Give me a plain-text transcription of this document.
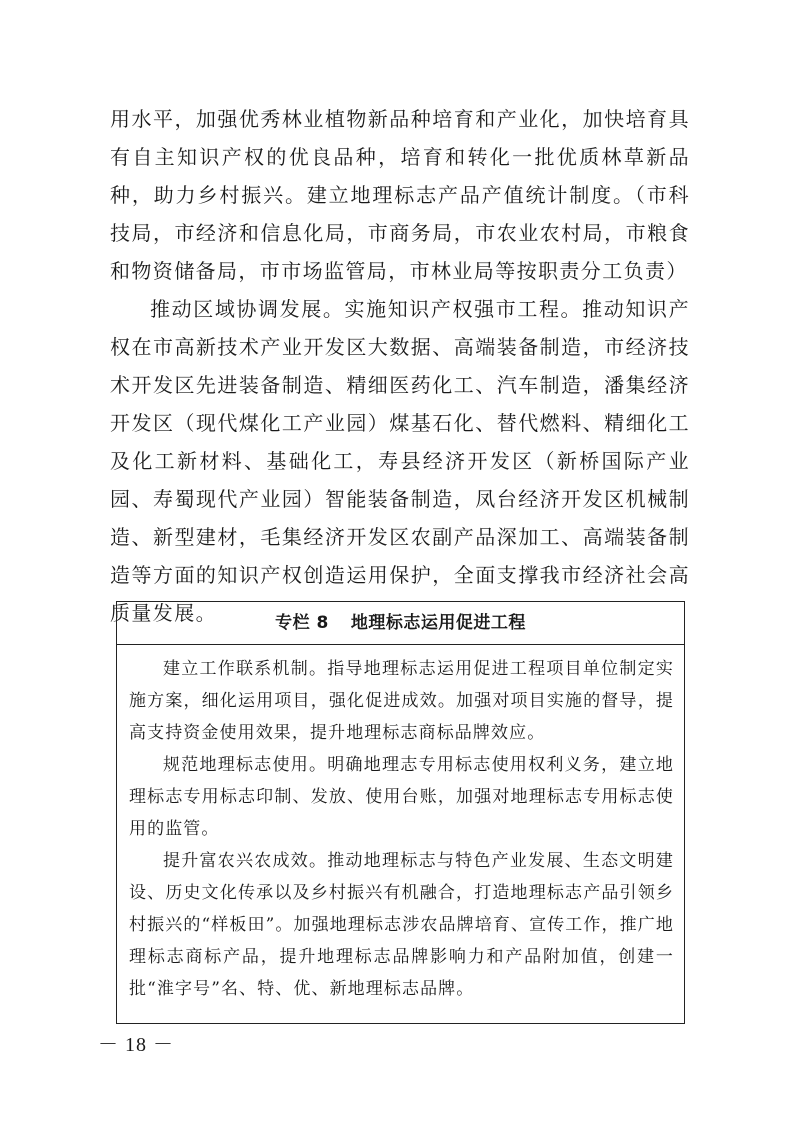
用水平，加强优秀林业植物新品种培育和产业化，加快培育具有自主知识产权的优良品种，培育和转化一批优质林草新品种，助力乡村振兴。建立地理标志产品产值统计制度。（市科技局，市经济和信息化局，市商务局，市农业农村局，市粮食和物资储备局，市市场监管局，市林业局等按职责分工负责）

推动区域协调发展。实施知识产权强市工程。推动知识产权在市高新技术产业开发区大数据、高端装备制造，市经济技术开发区先进装备制造、精细医药化工、汽车制造，潘集经济开发区（现代煤化工产业园）煤基石化、替代燃料、精细化工及化工新材料、基础化工，寿县经济开发区（新桥国际产业园、寿蜀现代产业园）智能装备制造，凤台经济开发区机械制造、新型建材，毛集经济开发区农副产品深加工、高端装备制造等方面的知识产权创造运用保护，全面支撑我市经济社会高质量发展。	专栏 8 地理标志运用促进工程

建立工作联系机制。指导地理标志运用促进工程项目单位制定实施方案，细化运用项目，强化促进成效。加强对项目实施的督导，提高支持资金使用效果，提升地理标志商标品牌效应。

规范地理标志使用。明确地理志专用标志使用权利义务，建立地理标志专用标志印制、发放、使用台账，加强对地理标志专用标志使用的监管。

提升富农兴农成效。推动地理标志与特色产业发展、生态文明建设、历史文化传承以及乡村振兴有机融合，打造地理标志产品引领乡村振兴的“样板田”。加强地理标志涉农品牌培育、宣传工作，推广地理标志商标产品，提升地理标志品牌影响力和产品附加值，创建一批“淮字号”名、特、优、新地理标志品牌。

－ 18 －
